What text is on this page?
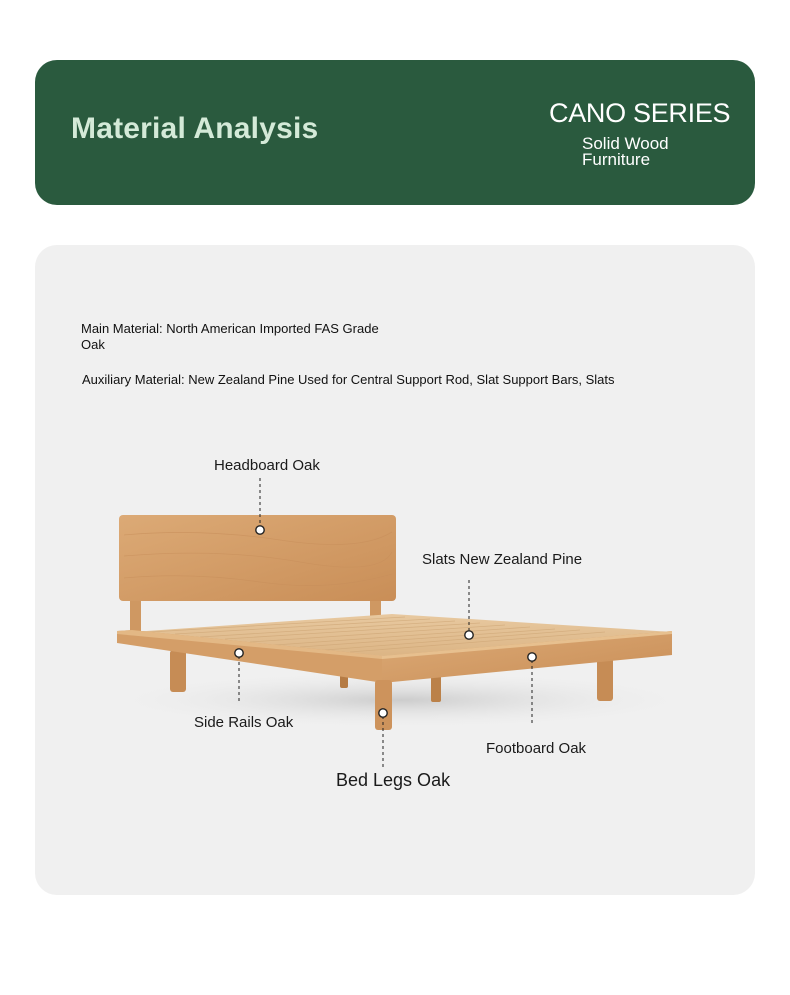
Material Analysis	CANO SERIES
Solid Wood Furniture
Main Material: North American Imported FAS Grade Oak
Auxiliary Material: New Zealand Pine Used for Central Support Rod, Slat Support Bars, Slats
Headboard Oak
Slats New Zealand Pine
Side Rails Oak
Footboard Oak
Bed Legs Oak
